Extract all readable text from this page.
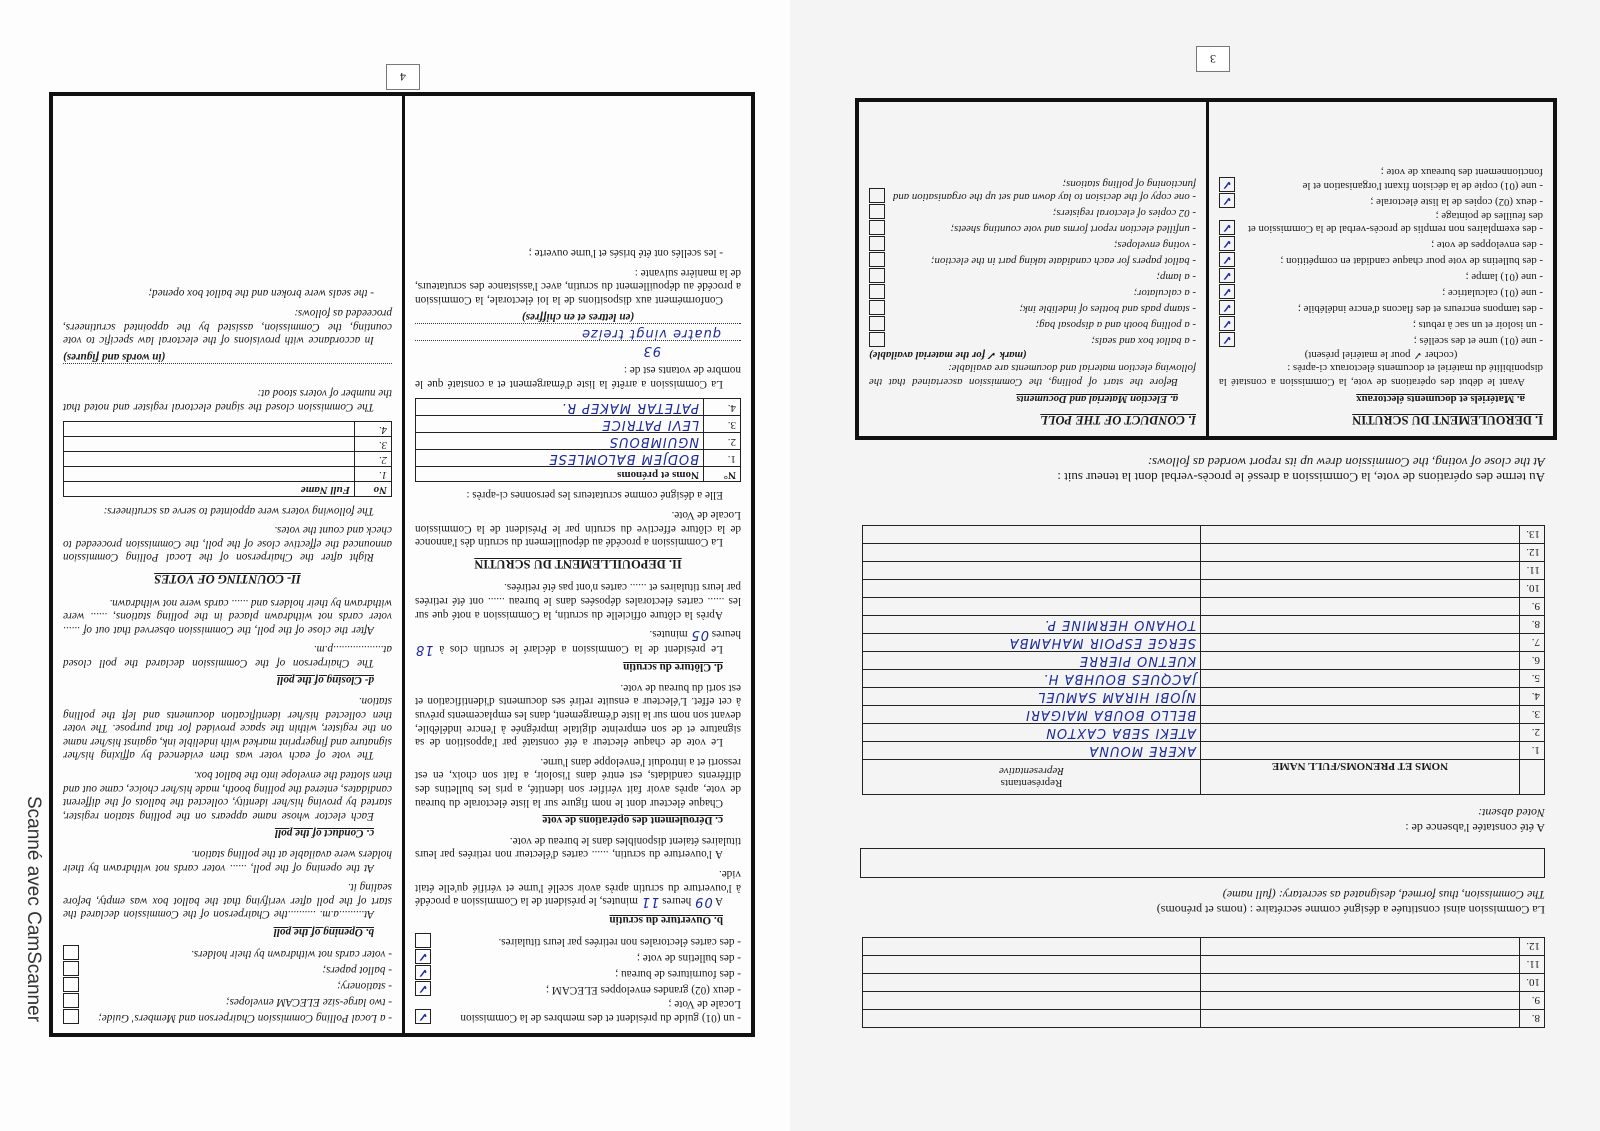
- un (01) guide du président et des membres de la Commission Locale de Vote ;
✓
- deux (02) grandes enveloppes ELECAM ;
✓
- des fournitures de bureau ;
✓
- des bulletins de vote ;
✓
- des cartes électorales non retirées par leurs titulaires.
b. Ouverture du scrutin
A 09 heures 11 minutes, le président de la Commission a procédé à l'ouverture du scrutin après avoir scellé l'urne et vérifié qu'elle était vide.
A l'ouverture du scrutin, ...... cartes d'électeur non retirées par leurs titulaires étaient disponibles dans le bureau de vote.
c. Déroulement des opérations de vote
Chaque électeur dont le nom figure sur la liste électorale du bureau de vote, après avoir fait vérifier son identité, a pris les bulletins des différents candidats, est entré dans l'isoloir, a fait son choix, en est ressorti et a introduit l'enveloppe dans l'urne.
Le vote de chaque électeur a été constaté par l'apposition de sa signature et de son empreinte digitale imprégnée à l'encre indélébile, devant son nom sur la liste d'émargement, dans les emplacements prévus à cet effet. L'électeur a ensuite retiré ses documents d'identification et est sorti du bureau de vote.
d. Clôture du scrutin
Le président de la Commission a déclaré le scrutin clos à 18 heures 05 minutes.
Après la clôture officielle du scrutin, la Commission a noté que sur les ...... cartes électorales déposées dans le bureau ...... ont été retirées par leurs titulaires et ...... cartes n'ont pas été retirées.
II. DEPOUILLEMENT DU SCRUTIN
La Commission a procédé au dépouillement du scrutin dès l'annonce de la clôture effective du scrutin par le Président de la Commission Locale de Vote.
Elle a désigné comme scrutateurs les personnes ci-après :
N°	Noms et prénoms
1.	BODJEM BALOMLESE
2.	NGUIMBOUS
3.	LEVI PATRICE
4.	PATETAR MAKEP R.
La Commission a arrêté la liste d'émargement et a constaté que le nombre de votants est de :
93
quatre vingt treize
(en lettres et en chiffres)
Conformément aux dispositions de la loi électorale, la Commission a procédé au dépouillement du scrutin, avec l'assistance des scrutateurs, de la manière suivante :
- les scellés ont été brisés et l'urne ouverte ;
- a Local Polling Commission Chairperson and Members' Guide;
- two large-size ELECAM envelopes;
- stationery;
- ballot papers;
- voter cards not withdrawn by their holders.
b. Opening of the poll
At.........a.m. ..........the Chairperson of the Commission declared the start of the poll after verifying that the ballot box was empty, before sealing it.
At the opening of the poll, ...... voter cards not withdrawn by their holders were available at the polling station.
c. Conduct of the poll
Each elector whose name appears on the polling station register, started by proving his/her identity, collected the ballots of the different candidates, entered the polling booth, made his/her choice, came out and then slotted the envelope into the ballot box.
The vote of each voter was then evidenced by affixing his/her signature and fingerprint marked with indelible ink, against his/her name on the register, within the space provided for that purpose. The voter then collected his/her identification documents and left the polling station.
d- Closing of the poll
The Chairperson of the Commission declared the poll closed at..................p.m.
After the close of the poll, the Commission observed that out of ...... voter cards not withdrawn placed in the polling stations, ...... were withdrawn by their holders and ...... cards were not withdrawn.
II- COUNTING OF VOTES
Right after the Chairperson of the Local Polling Commission announced the effective close of the poll, the Commission proceeded to check and count the votes.
The following voters were appointed to serve as scrutineers:
No	Full Name
1.	
2.	
3.	
4.	
The Commission closed the signed electoral register and noted that the number of voters stood at:
(in words and figures)
In accordance with provisions of the electoral law specific to vote counting, the Commission, assisted by the appointed scrutineers, proceeded as follows:
- the seals were broken and the ballot box opened;
4
8.		
9.		
10.		
11.		
12.		
La Commission ainsi constituée a désigné comme secrétaire : (noms et prénoms)
The Commission, thus formed, designated as secretary: (full name)
A été constatée l'absence de :
Noted absent:
	NOMS ET PRENOMS/FULL NAME	Représentants
Representative

1.		AKERE MOUNA
2.		ATEKI SEBA CAXTON
3.		BELLO BOUBA MAIGARI
4.		NJOBI HIRAM SAMUEL
5.		JACQUES BOUHBA H.
6.		KUETNO PIERRE
7.		SERGE ESPOIR MAHAMBA
8.		TOHANO HERMINE P.
9.		
10.		
11.		
12.		
13.		
Au terme des opérations de vote, la Commission a dressé le procès-verbal dont la teneur suit :
At the close of voting, the Commission drew up its report worded as follows:
I. DEROULEMENT DU SCRUTIN
a. Matériels et documents électoraux
Avant le début des opérations de vote, la Commission a constaté la disponibilité du matériel et documents électoraux ci-après :
(cocher ✓ pour le matériel présent)
- une (01) urne et des scellés ;
✓
- un isoloir et un sac à rebuts ;
✓
- des tampons encreurs et des flacons d'encre indélébile ;
✓
- une (01) calculatrice ;
✓
- une (01) lampe ;
✓
- des bulletins de vote pour chaque candidat en compétition ;
✓
- des enveloppes de vote ;
✓
- des exemplaires non remplis de procès-verbal de la Commission et des feuilles de pointage ;
✓
- deux (02) copies de la liste électorale ;
✓
- une (01) copie de la décision fixant l'organisation et le fonctionnement des bureaux de vote ;
✓
I. CONDUCT OF THE POLL
a. Election Material and Documents
Before the start of polling, the Commission ascertained that the following election material and documents are available:
(mark ✓ for the material available)
- a ballot box and seals;
- a polling booth and a disposal bag;
- stamp pads and bottles of indelible ink;
- a calculator;
- a lamp;
- ballot papers for each candidate taking part in the election;
- voting envelopes;
- unfilled election report forms and vote counting sheets;
- 02 copies of electoral registers;
- one copy of the decision to lay down and set up the organisation and functioning of polling stations;
3
Scanné avec CamScanner
